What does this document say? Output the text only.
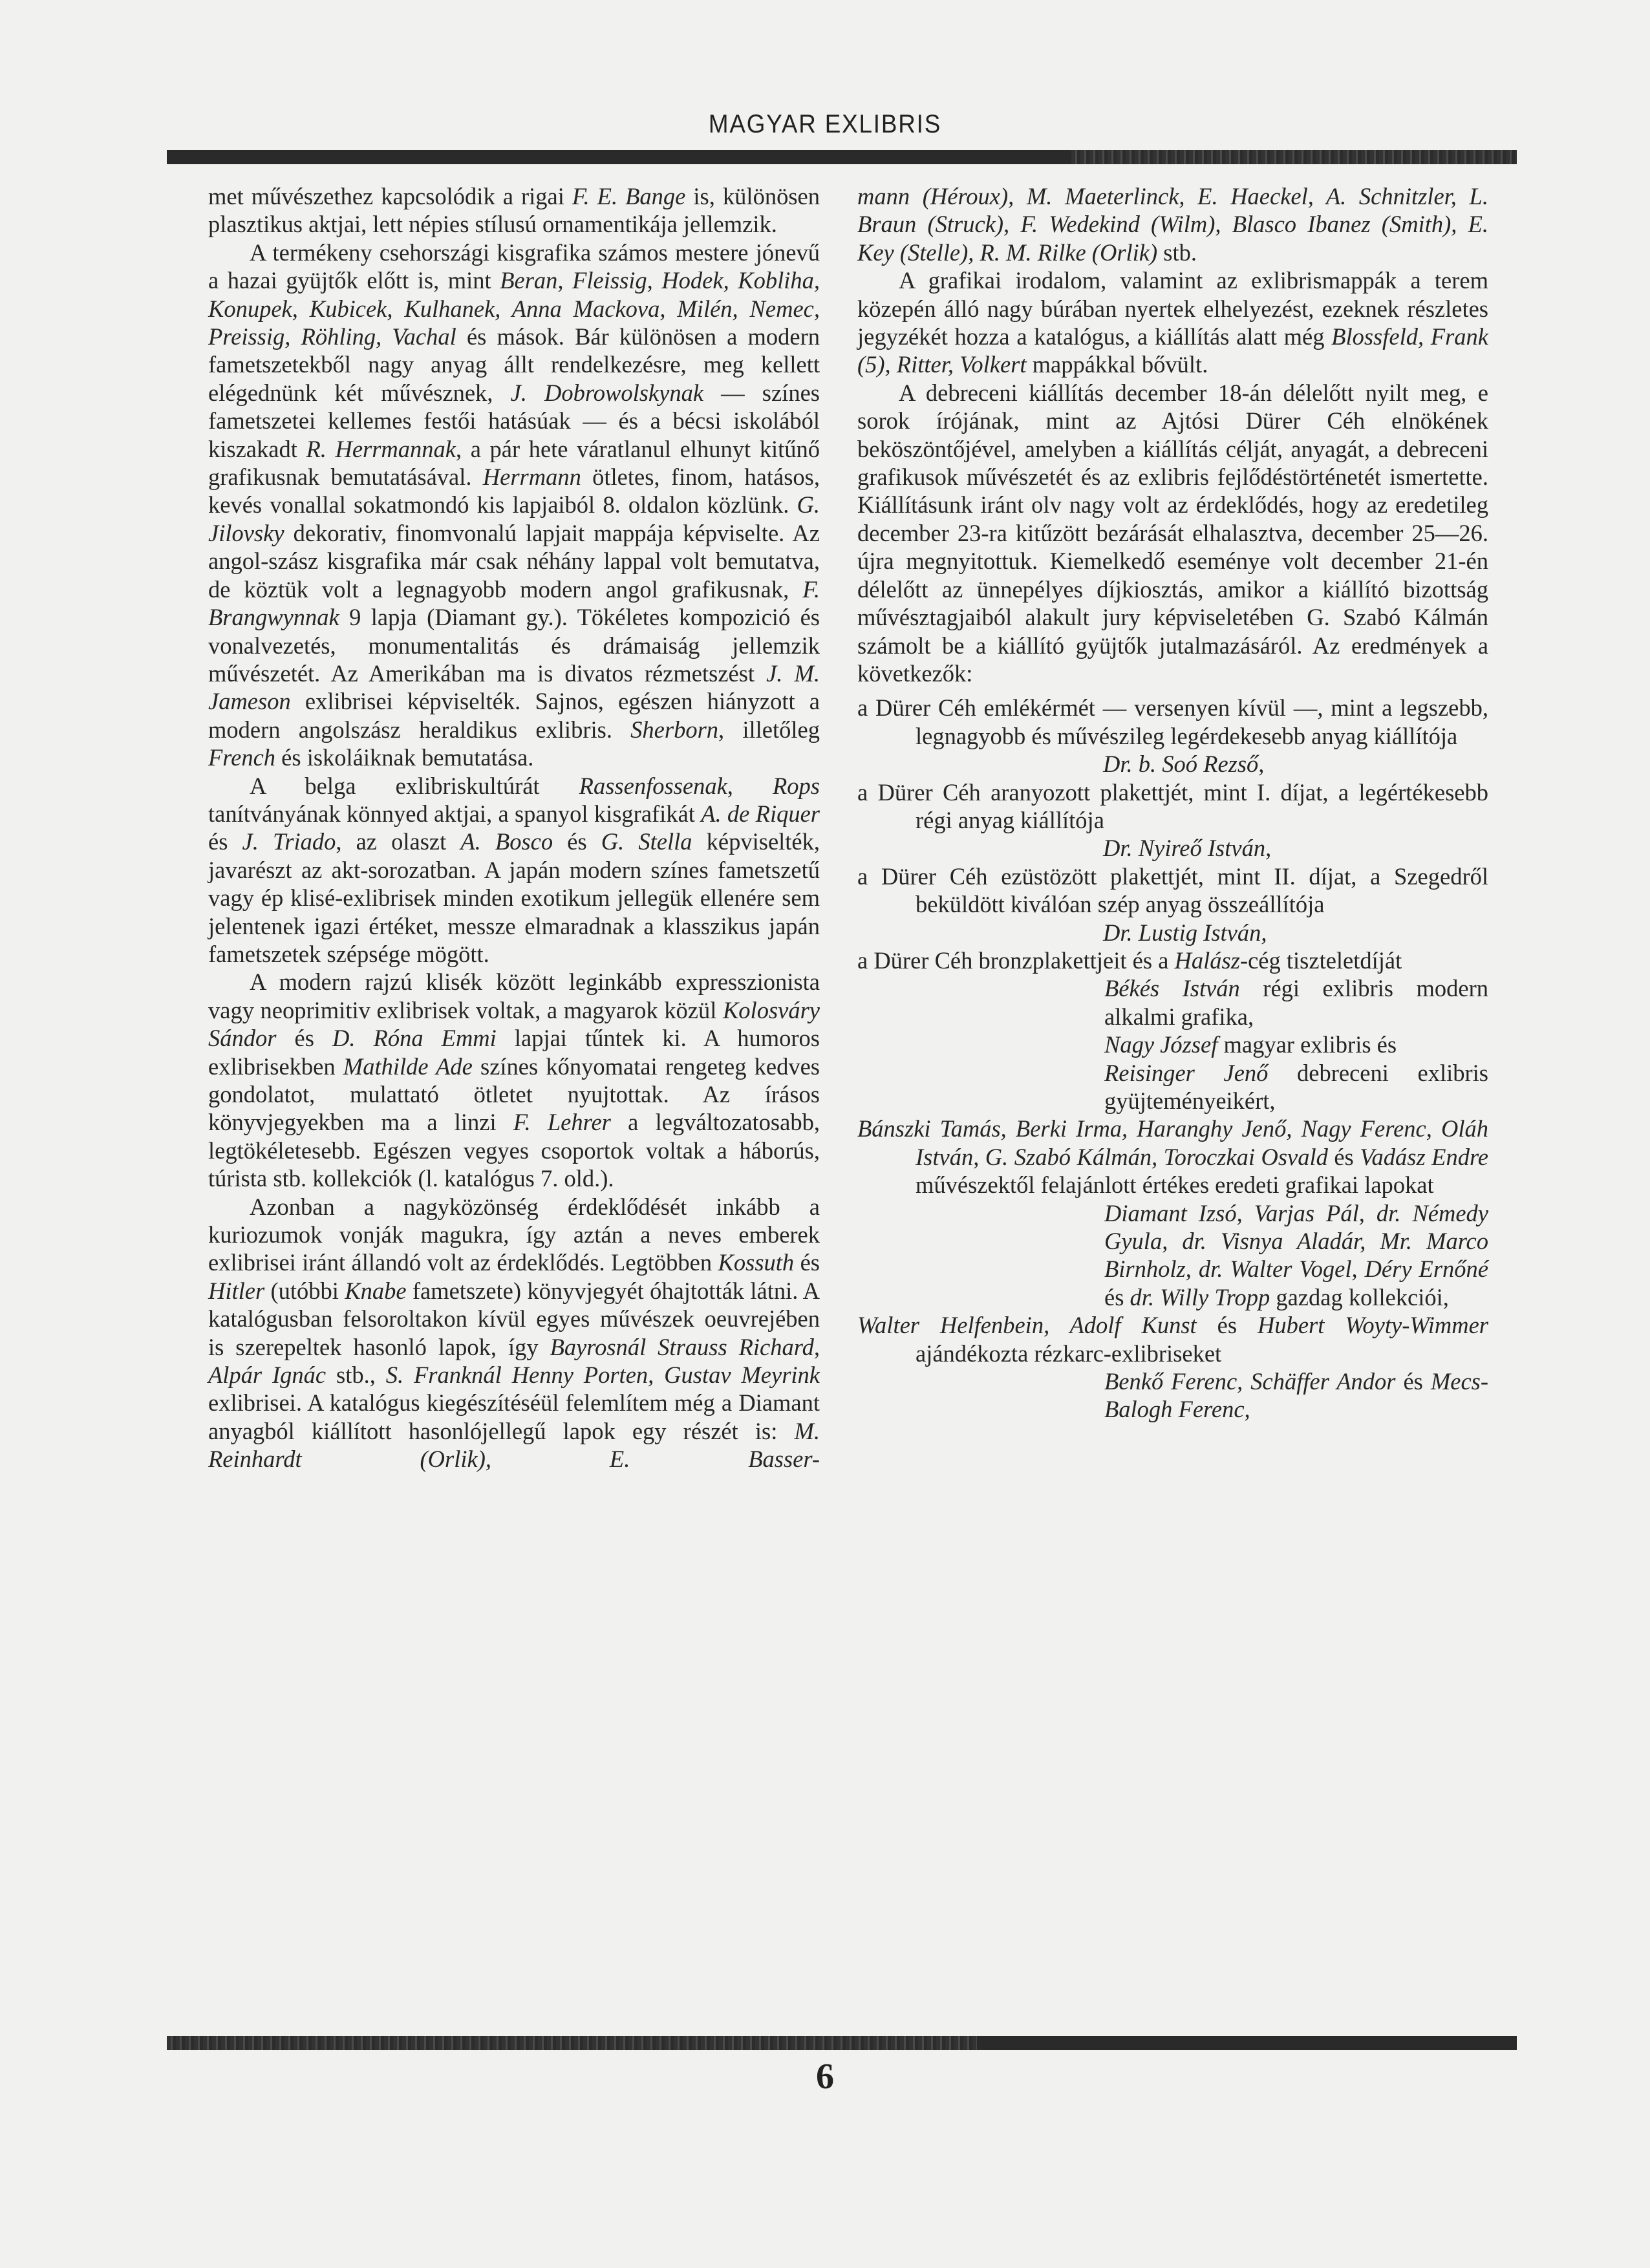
MAGYAR EXLIBRIS

met művészethez kapcsolódik a rigai F. E. Bange is, különösen plasztikus aktjai, lett népies stílusú ornamentikája jellemzik.

A termékeny csehországi kisgrafika számos mestere jónevű a hazai gyüjtők előtt is, mint Beran, Fleissig, Hodek, Kobliha, Konupek, Kubicek, Kulhanek, Anna Mackova, Milén, Nemec, Preissig, Röhling, Vachal és mások. Bár különösen a modern fametszetekből nagy anyag állt rendelkezésre, meg kellett elégednünk két művésznek, J. Dobrowolskynak — színes fametszetei kellemes festői hatásúak — és a bécsi iskolából kiszakadt R. Herrmannak, a pár hete váratlanul elhunyt kitűnő grafikusnak bemutatásával. Herrmann ötletes, finom, hatásos, kevés vonallal sokatmondó kis lapjaiból 8. oldalon közlünk. G. Jilovsky dekorativ, finomvonalú lapjait mappája képviselte. Az angol-szász kisgrafika már csak néhány lappal volt bemutatva, de köztük volt a legnagyobb modern angol grafikusnak, F. Brangwynnak 9 lapja (Diamant gy.). Tökéletes kompozició és vonalvezetés, monumentalitás és drámaiság jellemzik művészetét. Az Amerikában ma is divatos rézmetszést J. M. Jameson exlibrisei képviselték. Sajnos, egészen hiányzott a modern angolszász heraldikus exlibris. Sherborn, illetőleg French és iskoláiknak bemutatása.

A belga exlibriskultúrát Rassenfossenak, Rops tanítványának könnyed aktjai, a spanyol kisgrafikát A. de Riquer és J. Triado, az olaszt A. Bosco és G. Stella képviselték, javarészt az akt-sorozatban. A japán modern színes fametszetű vagy ép klisé-exlibrisek minden exotikum jellegük ellenére sem jelentenek igazi értéket, messze elmaradnak a klasszikus japán fametszetek szépsége mögött.

A modern rajzú klisék között leginkább expresszionista vagy neoprimitiv exlibrisek voltak, a magyarok közül Kolosváry Sándor és D. Róna Emmi lapjai tűntek ki. A humoros exlibrisekben Mathilde Ade színes kőnyomatai rengeteg kedves gondolatot, mulattató ötletet nyujtottak. Az írásos könyvjegyekben ma a linzi F. Lehrer a legváltozatosabb, legtökéletesebb. Egészen vegyes csoportok voltak a háborús, túrista stb. kollekciók (l. katalógus 7. old.).

Azonban a nagyközönség érdeklődését inkább a kuriozumok vonják magukra, így aztán a neves emberek exlibrisei iránt állandó volt az érdeklődés. Legtöbben Kossuth és Hitler (utóbbi Knabe fametszete) könyvjegyét óhajtották látni. A katalógusban felsoroltakon kívül egyes művészek oeuvrejében is szerepeltek hasonló lapok, így Bayrosnál Strauss Richard, Alpár Ignác stb., S. Franknál Henny Porten, Gustav Meyrink exlibrisei. A katalógus kiegészítéséül felemlítem még a Diamant anyagból kiállított hasonlójellegű lapok egy részét is: M. Reinhardt (Orlik), E. Basser-

mann (Héroux), M. Maeterlinck, E. Haeckel, A. Schnitzler, L. Braun (Struck), F. Wedekind (Wilm), Blasco Ibanez (Smith), E. Key (Stelle), R. M. Rilke (Orlik) stb.

A grafikai irodalom, valamint az exlibrismappák a terem közepén álló nagy búrában nyertek elhelyezést, ezeknek részletes jegyzékét hozza a katalógus, a kiállítás alatt még Blossfeld, Frank (5), Ritter, Volkert mappákkal bővült.

A debreceni kiállítás december 18-án délelőtt nyilt meg, e sorok írójának, mint az Ajtósi Dürer Céh elnökének beköszöntőjével, amelyben a kiállítás célját, anyagát, a debreceni grafikusok művészetét és az exlibris fejlődéstörténetét ismertette. Kiállításunk iránt olv nagy volt az érdeklődés, hogy az eredetileg december 23-ra kitűzött bezárását elhalasztva, december 25—26. újra megnyitottuk. Kiemelkedő eseménye volt december 21-én délelőtt az ünnepélyes díjkiosztás, amikor a kiállító bizottság művésztagjaiból alakult jury képviseletében G. Szabó Kálmán számolt be a kiállító gyüjtők jutalmazásáról. Az eredmények a következők:

a Dürer Céh emlékérmét — versenyen kívül —, mint a legszebb, legnagyobb és művészileg legérdekesebb anyag kiállítója

Dr. b. Soó Rezső,

a Dürer Céh aranyozott plakettjét, mint I. díjat, a legértékesebb régi anyag kiállítója

Dr. Nyireő István,

a Dürer Céh ezüstözött plakettjét, mint II. díjat, a Szegedről beküldött kiválóan szép anyag összeállítója

Dr. Lustig István,

a Dürer Céh bronzplakettjeit és a Halász-cég tiszteletdíját

Békés István régi exlibris modern alkalmi grafika,

Nagy József magyar exlibris és

Reisinger Jenő debreceni exlibris gyüjteményeikért,

Bánszki Tamás, Berki Irma, Haranghy Jenő, Nagy Ferenc, Oláh István, G. Szabó Kálmán, Toroczkai Osvald és Vadász Endre művészektől felajánlott értékes eredeti grafikai lapokat

Diamant Izsó, Varjas Pál, dr. Némedy Gyula, dr. Visnya Aladár, Mr. Marco Birnholz, dr. Walter Vogel, Déry Ernőné és dr. Willy Tropp gazdag kollekciói,

Walter Helfenbein, Adolf Kunst és Hubert Woyty-Wimmer ajándékozta rézkarc-exlibriseket

Benkő Ferenc, Schäffer Andor és Mecs-Balogh Ferenc,

6
